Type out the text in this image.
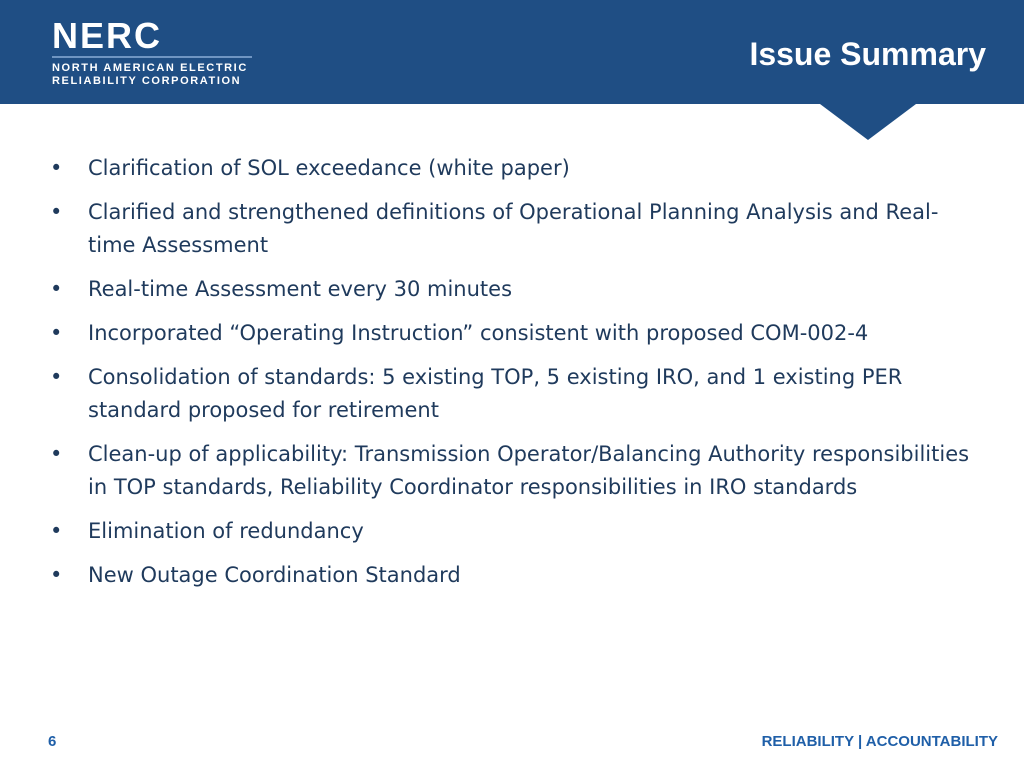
NERC
NORTH AMERICAN ELECTRIC
RELIABILITY CORPORATION
Issue Summary
•	Clarification of SOL exceedance (white paper)
•	Clarified and strengthened definitions of Operational Planning Analysis and Real-time Assessment
•	Real-time Assessment every 30 minutes
•	Incorporated “Operating Instruction” consistent with proposed COM-002-4
•	Consolidation of standards: 5 existing TOP, 5 existing IRO, and 1 existing PER standard proposed for retirement
•	Clean-up of applicability: Transmission Operator/Balancing Authority responsibilities in TOP standards, Reliability Coordinator responsibilities in IRO standards
•	Elimination of redundancy
•	New Outage Coordination Standard
6	RELIABILITY | ACCOUNTABILITY
